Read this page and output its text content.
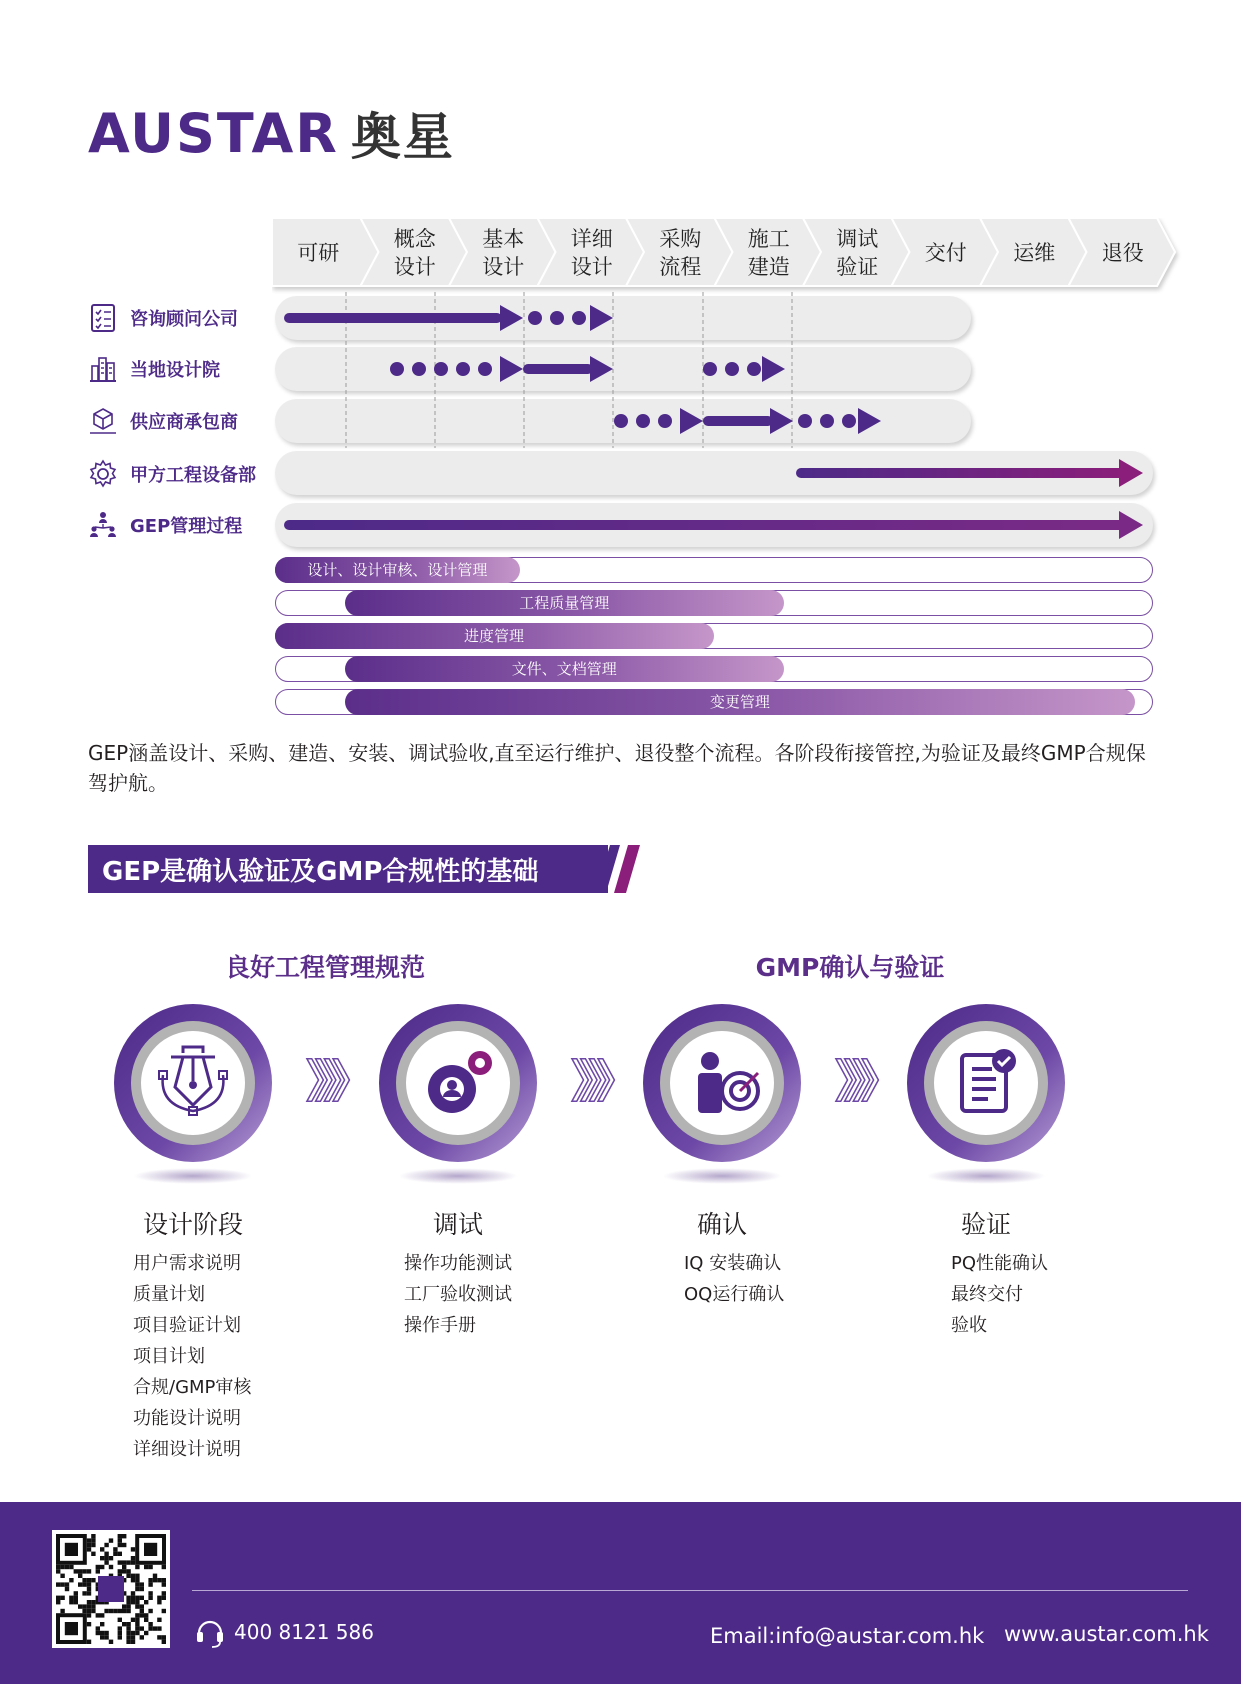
AUSTAR 奥星
可研
概念
设计
基本
设计
详细
设计
采购
流程
施工
建造
调试
验证
交付 运维 退役
咨询顾问公司
当地设计院
供应商承包商
甲方工程设备部
GEP管理过程
设计、设计审核、设计管理
工程质量管理
进度管理
文件、文档管理
变更管理
GEP涵盖设计、采购、建造、安装、调试验收,直至运行维护、退役整个流程。各阶段衔接管控,为验证及最终GMP合规保驾护航。
GEP是确认验证及GMP合规性的基础
良好工程管理规范	GMP确认与验证
设计阶段
用户需求说明
质量计划
项目验证计划
项目计划
合规/GMP审核
功能设计说明
详细设计说明
调试
操作功能测试
工厂验收测试
操作手册
确认
IQ 安装确认
OQ运行确认
验证
PQ性能确认
最终交付
验收
400 8121 586	Email:info@austar.com.hk www.austar.com.hk
